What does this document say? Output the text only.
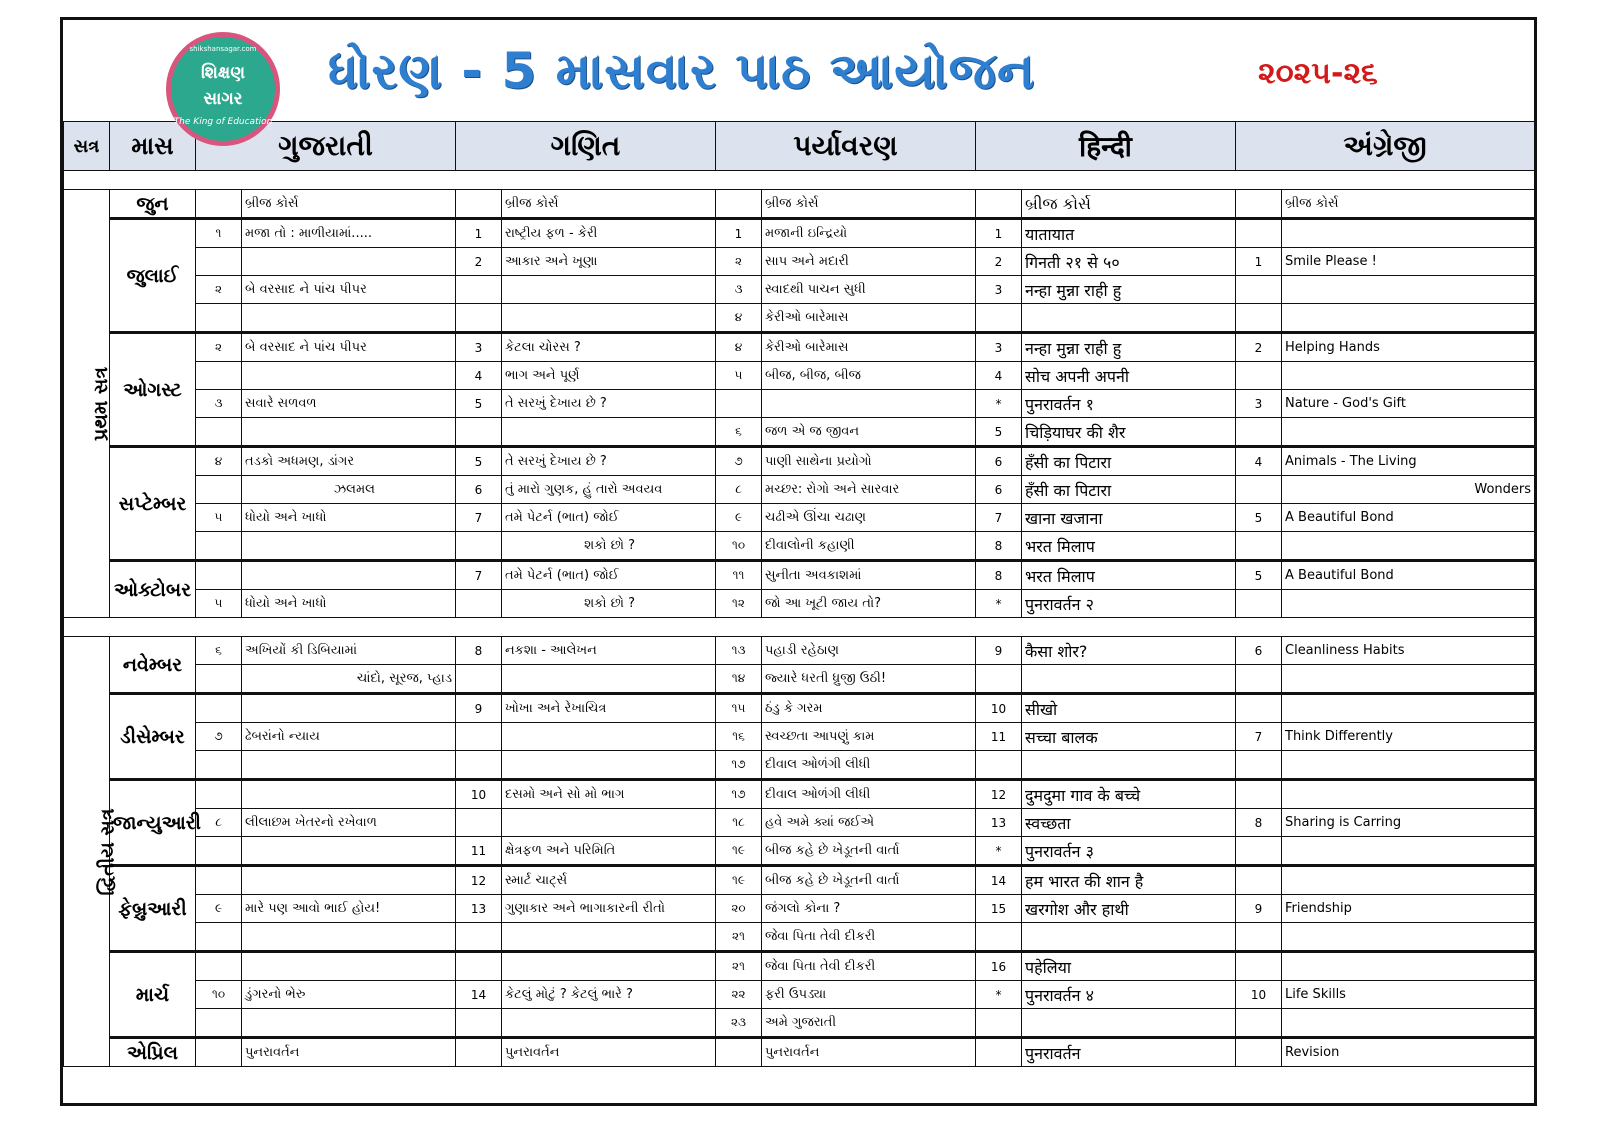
shikshansagar.com
શિક્ષણ
સાગર
The King of Education
ધોરણ - 5 માસવાર પાઠ આયોજન	૨૦૨૫-૨૬
સત્ર	માસ	ગુજરાતી		ગણિત		પર્યાવરણ		हिन्दी		અંગ્રેજી	

પ્રથમ સત્ર	જુન		બ્રીજ કોર્સ		બ્રીજ કોર્સ		બ્રીજ કોર્સ		બ્રીજ કોર્સ		બ્રીજ કોર્સ
	જુલાઈ	૧	મજા તો : માળીયામાં.....	1	રાષ્ટ્રીય ફળ - કેરી	1	મજાની ઇન્દ્રિયો	1	यातायात		
				2	આકાર અને ખૂણા	૨	સાપ અને મદારી	2	गिनती २१ से ५०	1	Smile Please !
		૨	બે વરસાદ ને પાંચ પીપર			૩	સ્વાદથી પાચન સુધી	3	नन्हा मुन्ना राही हु		
						૪	કેરીઓ બારેમાસ				
	ઓગસ્ટ	૨	બે વરસાદ ને પાંચ પીપર	3	કેટલા ચોરસ ?	૪	કેરીઓ બારેમાસ	3	नन्हा मुन्ना राही हु	2	Helping Hands
				4	ભાગ અને પૂર્ણ	૫	બીજ, બીજ, બીજ	4	सोच अपनी अपनी		
		૩	સવારે સળવળ	5	તે સરખું દેખાય છે ?			*	पुनरावर्तन १	3	Nature - God's Gift
						૬	જળ એ જ જીવન	5	चिड़ियाघर की शैर		
	સપ્ટેમ્બર	૪	તડકો અધમણ, ડાંગર	5	તે સરખું દેખાય છે ?	૭	પાણી સાથેના પ્રયોગો	6	हँसी का पिटारा	4	Animals - The Living
			ઝલમલ	6	તું મારો ગુણક, હું તારો અવયવ	૮	મચ્છર: રોગો અને સારવાર	6	हँसी का पिटारा		Wonders
		૫	ધોયો અને ખાધો	7	તમે પેટર્ન (ભાત) જોઈ	૯	ચઢીએ ઊંચા ચઢાણ	7	खाना खजाना	5	A Beautiful Bond
					શકો છો ?	૧૦	દીવાલોની કહાણી	8	भरत मिलाप		
	ઓક્ટોબર			7	તમે પેટર્ન (ભાત) જોઈ	૧૧	સુનીતા અવકાશમાં	8	भरत मिलाप	5	A Beautiful Bond
		૫	ધોયો અને ખાધો		શકો છો ?	૧૨	જો આ ખૂટી જાય તો?	*	पुनरावर्तन २		

દ્વિતીય સત્ર	નવેમ્બર	૬	અખિયોં કી ડિબિયામાં	8	નકશા - આલેખન	૧૩	પહાડી રહેઠાણ	9	कैसा शोर?	6	Cleanliness Habits
			ચાંદો, સૂરજ, પ્હાડ			૧૪	જ્યારે ધરતી ધ્રુજી ઉઠી!				
	ડીસેમ્બર			9	ખોખા અને રેખાચિત્ર	૧૫	ઠંડુ કે ગરમ	10	सीखो		
		૭	ઢેબરાંનો ન્યાય			૧૬	સ્વચ્છતા આપણું કામ	11	सच्चा बालक	7	Think Differently
						૧૭	દીવાલ ઓળંગી લીધી				
	જાન્યુઆરી			10	દસમો અને સો મો ભાગ	૧૭	દીવાલ ઓળંગી લીધી	12	दुमदुमा गाव के बच्चे		
		૮	લીલાછમ ખેતરનો રખેવાળ			૧૮	હવે અમે ક્યાં જઈએ	13	स्वच्छता	8	Sharing is Carring
				11	ક્ષેત્રફળ અને પરિમિતિ	૧૯	બીજ કહે છે ખેડૂતની વાર્તા	*	पुनरावर्तन ३		
	ફેબ્રુઆરી			12	સ્માર્ટ ચાર્ટ્સ	૧૯	બીજ કહે છે ખેડૂતની વાર્તા	14	हम भारत की शान है		
		૯	મારે પણ આવો ભાઈ હોય!	13	ગુણાકાર અને ભાગાકારની રીતો	૨૦	જંગલો કોના ?	15	खरगोश और हाथी	9	Friendship
						૨૧	જેવા પિતા તેવી દીકરી				
	માર્ચ					૨૧	જેવા પિતા તેવી દીકરી	16	पहेलिया		
		૧૦	ડુંગરનો ભેરુ	14	કેટલું મોટું ? કેટલું ભારે ?	૨૨	ફરી ઉપડ્યા	*	पुनरावर्तन ४	10	Life Skills
						૨૩	અમે ગુજરાતી				
	એપ્રિલ		પુનરાવર્તન		પુનરાવર્તન		પુનરાવર્તન		पुनरावर्तन		Revision
